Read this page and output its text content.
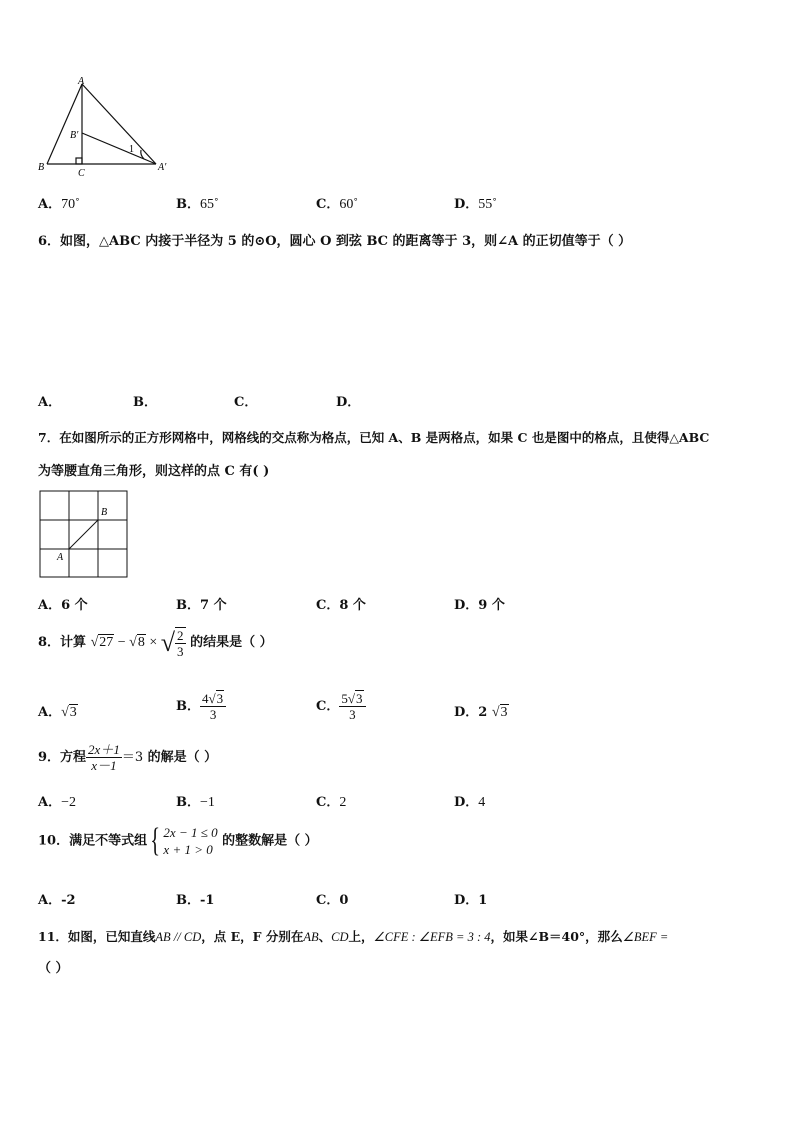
A
B′
B
C
A′
1
A．70˚	B．65˚	C．60˚	D．55˚
6．如图，△ABC 内接于半径为 5 的⊙O，圆心 O 到弦 BC 的距离等于 3，则∠A 的正切值等于（ ）
A．	B．	C．	D．
7．在如图所示的正方形网格中，网格线的交点称为格点，已知 A、B 是两格点，如果 C 也是图中的格点，且使得△ABC
为等腰直角三角形，则这样的点 C 有( )
A
B
A．6 个	B．7 个	C．8 个	D．9 个
8．计算 √27 − √8 × √ $\frac{2}{3}$ 的结果是（ ）
A．√3	B． $\frac{4√3}{3}$	C． $\frac{5√3}{3}$	D．2 √3
9．方程 $\frac{2x+1}{x-1} =3$ 的解是（ ）
A．−2	B．−1	C．2	D．4
10．满足不等式组{ 2x − 1 ≤ 0
x + 1 > 0
的整数解是（ ）
A．-2	B．-1	C．0	D．1
11．如图，已知直线AB // CD，点 E，F 分别在AB、CD上，∠CFE : ∠EFB = 3 : 4，如果∠B＝40°，那么∠BEF =
（ ）
